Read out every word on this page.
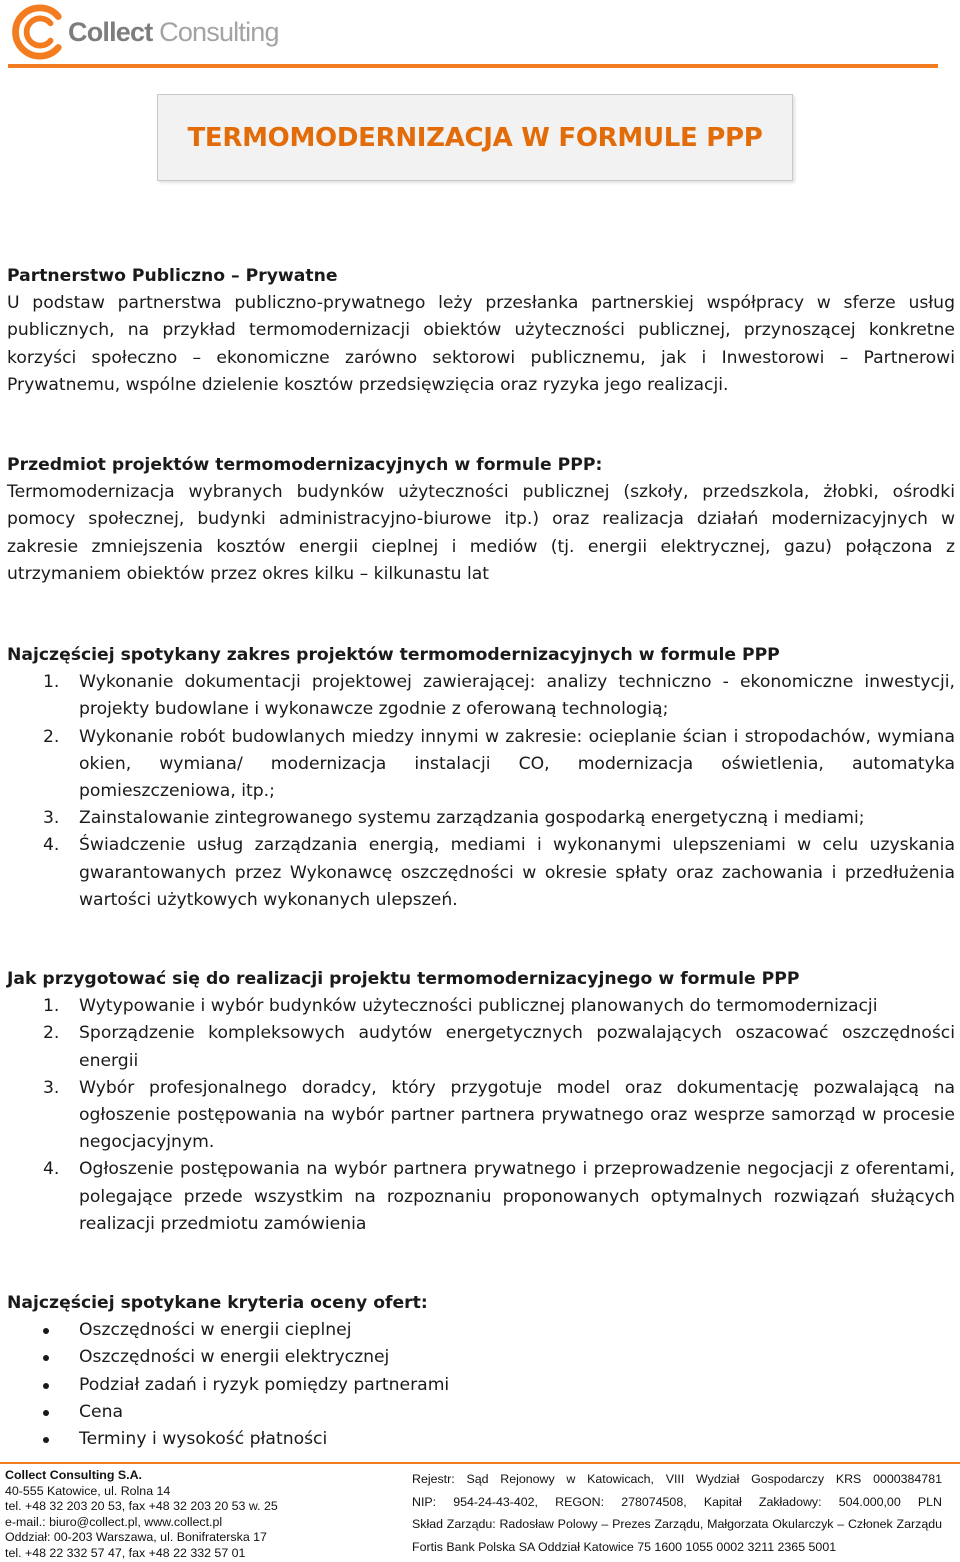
Collect Consulting
TERMOMODERNIZACJA W FORMULE PPP
Partnerstwo Publiczno – Prywatne

U podstaw partnerstwa publiczno-prywatnego leży przesłanka partnerskiej współpracy w sferze usług publicznych, na przykład termomodernizacji obiektów użyteczności publicznej, przynoszącej konkretne korzyści społeczno – ekonomiczne zarówno sektorowi publicznemu, jak i Inwestorowi – Partnerowi Prywatnemu, wspólne dzielenie kosztów przedsięwzięcia oraz ryzyka jego realizacji.

Przedmiot projektów termomodernizacyjnych w formule PPP:

Termomodernizacja wybranych budynków użyteczności publicznej (szkoły, przedszkola, żłobki, ośrodki pomocy społecznej, budynki administracyjno-biurowe itp.) oraz realizacja działań modernizacyjnych w zakresie zmniejszenia kosztów energii cieplnej i mediów (tj. energii elektrycznej, gazu) połączona z utrzymaniem obiektów przez okres kilku – kilkunastu lat

Najczęściej spotykany zakres projektów termomodernizacyjnych w formule PPP
1. Wykonanie dokumentacji projektowej zawierającej: analizy techniczno - ekonomiczne inwestycji, projekty budowlane i wykonawcze zgodnie z oferowaną technologią;
2. Wykonanie robót budowlanych miedzy innymi w zakresie: ocieplanie ścian i stropodachów, wymiana okien, wymiana/ modernizacja instalacji CO, modernizacja oświetlenia, automatyka pomieszczeniowa, itp.;
3. Zainstalowanie zintegrowanego systemu zarządzania gospodarką energetyczną i mediami;
4. Świadczenie usług zarządzania energią, mediami i wykonanymi ulepszeniami w celu uzyskania gwarantowanych przez Wykonawcę oszczędności w okresie spłaty oraz zachowania i przedłużenia wartości użytkowych wykonanych ulepszeń.
Jak przygotować się do realizacji projektu termomodernizacyjnego w formule PPP
1. Wytypowanie i wybór budynków użyteczności publicznej planowanych do termomodernizacji
2. Sporządzenie kompleksowych audytów energetycznych pozwalających oszacować oszczędności energii
3. Wybór profesjonalnego doradcy, który przygotuje model oraz dokumentację pozwalającą na ogłoszenie postępowania na wybór partner partnera prywatnego oraz wesprze samorząd w procesie negocjacyjnym.
4. Ogłoszenie postępowania na wybór partnera prywatnego i przeprowadzenie negocjacji z oferentami, polegające przede wszystkim na rozpoznaniu proponowanych optymalnych rozwiązań służących realizacji przedmiotu zamówienia
Najczęściej spotykane kryteria oceny ofert:
Oszczędności w energii cieplnej
Oszczędności w energii elektrycznej
Podział zadań i ryzyk pomiędzy partnerami
Cena
Terminy i wysokość płatności
Collect Consulting S.A.
40-555 Katowice, ul. Rolna 14
tel. +48 32 203 20 53, fax +48 32 203 20 53 w. 25
e-mail.: biuro@collect.pl, www.collect.pl
Oddział: 00-203 Warszawa, ul. Bonifraterska 17
tel. +48 22 332 57 47, fax +48 22 332 57 01
Rejestr: Sąd Rejonowy w Katowicach, VIII Wydział Gospodarczy KRS 0000384781
NIP: 954-24-43-402, REGON: 278074508, Kapitał Zakładowy: 504.000,00 PLN
Skład Zarządu: Radosław Polowy – Prezes Zarządu, Małgorzata Okularczyk – Członek Zarządu
Fortis Bank Polska SA Oddział Katowice 75 1600 1055 0002 3211 2365 5001
